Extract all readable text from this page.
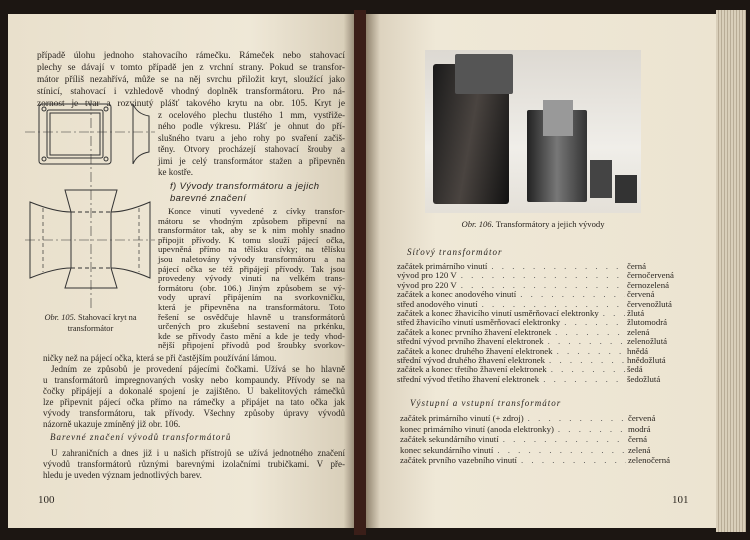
případě úlohu jednoho stahovacího rámečku. Rámeček nebo stahovací
plechy se dávají v tomto případě jen z vrchní strany. Pokud se transfor-
mátor příliš nezahřívá, může se na něj svrchu přiložit kryt, sloužící jako
stínicí, stahovací i vzhledově vhodný doplněk transformátoru. Pro ná-
zornost je tvar a rozvinutý plášť takového krytu na obr. 105. Kryt je
z ocelového plechu tlustého 1 mm, vystřiže-
ného podle výkresu. Plášť je ohnut do pří-
slušného tvaru a jeho rohy po svaření začiš-
těny. Otvory procházejí stahovací šrouby a
jimi je celý transformátor stažen a připevněn
ke kostře.
Obr. 105. Stahovací kryt na transformátor
f) Vývody transformátoru a jejich
barevné značení
Konce vinutí vyvedené z cívky transfor-
mátoru se vhodným způsobem připevní na
transformátor tak, aby se k nim mohly snadno
připojit přívody. K tomu slouží pájecí očka,
upevněná přímo na tělísku cívky; na tělísku
jsou naletovány vývody transformátoru a na
pájecí očka se též připájejí přívody. Tak jsou
provedeny vývody vinutí na velkém trans-
formátoru (obr. 106.) Jiným způsobem se vý-
vody upraví připájením na svorkovničku,
která je připevněna na transformátoru. Toto
řešení se osvědčuje hlavně u transformátorů
určených pro zkušební sestavení na prkénku,
kde se přívody často mění a kde je tedy vhod-
nější připojení přívodů pod šroubky svorkov-
ničky než na pájecí očka, která se při častějším používání lámou.
Jedním ze způsobů je provedení pájecími čočkami. Užívá se ho hlavně
u transformátorů impregnovaných vosky nebo kompaundy. Přívody se na
čočky připájejí a dokonalé spojení je zajištěno. U bakelitových rámečků
lze připevnit pájecí očka přímo na rámečky a připájet na tato očka jak
vývody transformátoru, tak přívody. Všechny způsoby úpravy vývodů
názorně ukazuje zmíněný již obr. 106.
Barevné značení vývodů transformátorů
U zahraničních a dnes již i u našich přístrojů se užívá jednotného značení
vývodů transformátorů různými barevnými izolačními trubičkami. V pře-
hledu je uveden význam jednotlivých barev.
100
Obr. 106. Transformátory a jejich vývody
Síťový transformátor
začátek primárního vinutí . . .	černá
vývod pro 120 V . . .	černočervená
vývod pro 220 V . . .	černozelená
začátek a konec anodového vinutí . . .	červená
střed anodového vinutí . . .	červenožlutá
začátek a konec žhavicího vinutí usměrňovací elektronky . . .	žlutá
střed žhavicího vinutí usměrňovací elektronky . . .	žlutomodrá
začátek a konec prvního žhavení elektronek . . .	zelená
střední vývod prvního žhavení elektronek . . .	zelenožlutá
začátek a konec druhého žhavení elektronek . . .	hnědá
střední vývod druhého žhavení elektronek . . .	hnědožlutá
začátek a konec třetího žhavení elektronek . . .	šedá
střední vývod třetího žhavení elektronek . . .	šedožlutá
Výstupní a vstupní transformátor
začátek primárního vinutí (+ zdroj) . . .	červená
konec primárního vinutí (anoda elektronky) . . .	modrá
začátek sekundárního vinutí . . .	černá
konec sekundárního vinutí . . .	zelená
začátek prvního vazebního vinutí . . .	zelenočerná
101
